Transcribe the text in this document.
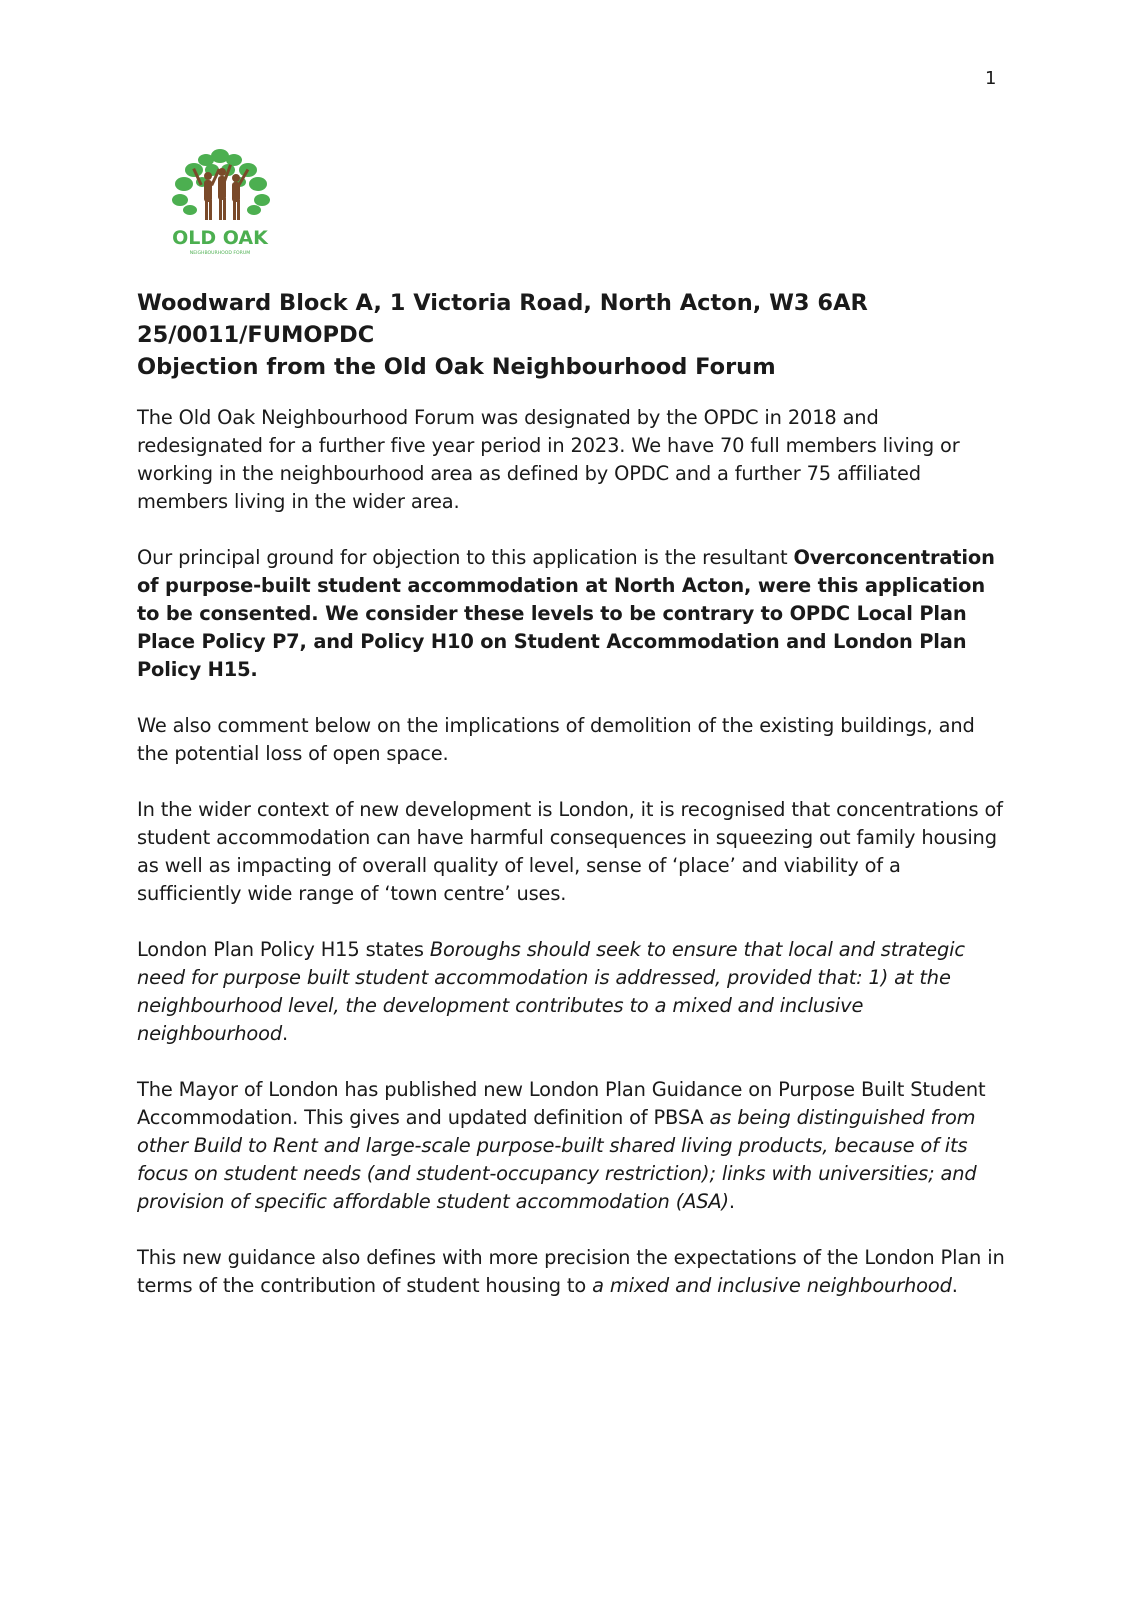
1
OLD OAK
NEIGHBOURHOOD FORUM
Woodward Block A, 1 Victoria Road, North Acton, W3 6AR
25/0011/FUMOPDC
Objection from the Old Oak Neighbourhood Forum

The Old Oak Neighbourhood Forum was designated by the OPDC in 2018 and redesignated for a further five year period in 2023. We have 70 full members living or working in the neighbourhood area as defined by OPDC and a further 75 affiliated members living in the wider area.

Our principal ground for objection to this application is the resultant Overconcentration of purpose-built student accommodation at North Acton, were this application to be consented. We consider these levels to be contrary to OPDC Local Plan Place Policy P7, and Policy H10 on Student Accommodation and London Plan Policy H15.

We also comment below on the implications of demolition of the existing buildings, and the potential loss of open space.

In the wider context of new development is London, it is recognised that concentrations of student accommodation can have harmful consequences in squeezing out family housing as well as impacting of overall quality of level, sense of ‘place’ and viability of a sufficiently wide range of ‘town centre’ uses.

London Plan Policy H15 states Boroughs should seek to ensure that local and strategic need for purpose built student accommodation is addressed, provided that: 1) at the neighbourhood level, the development contributes to a mixed and inclusive neighbourhood.

The Mayor of London has published new London Plan Guidance on Purpose Built Student Accommodation. This gives and updated definition of PBSA as being distinguished from other Build to Rent and large-scale purpose-built shared living products, because of its focus on student needs (and student-occupancy restriction); links with universities; and provision of specific affordable student accommodation (ASA).

This new guidance also defines with more precision the expectations of the London Plan in terms of the contribution of student housing to a mixed and inclusive neighbourhood.
